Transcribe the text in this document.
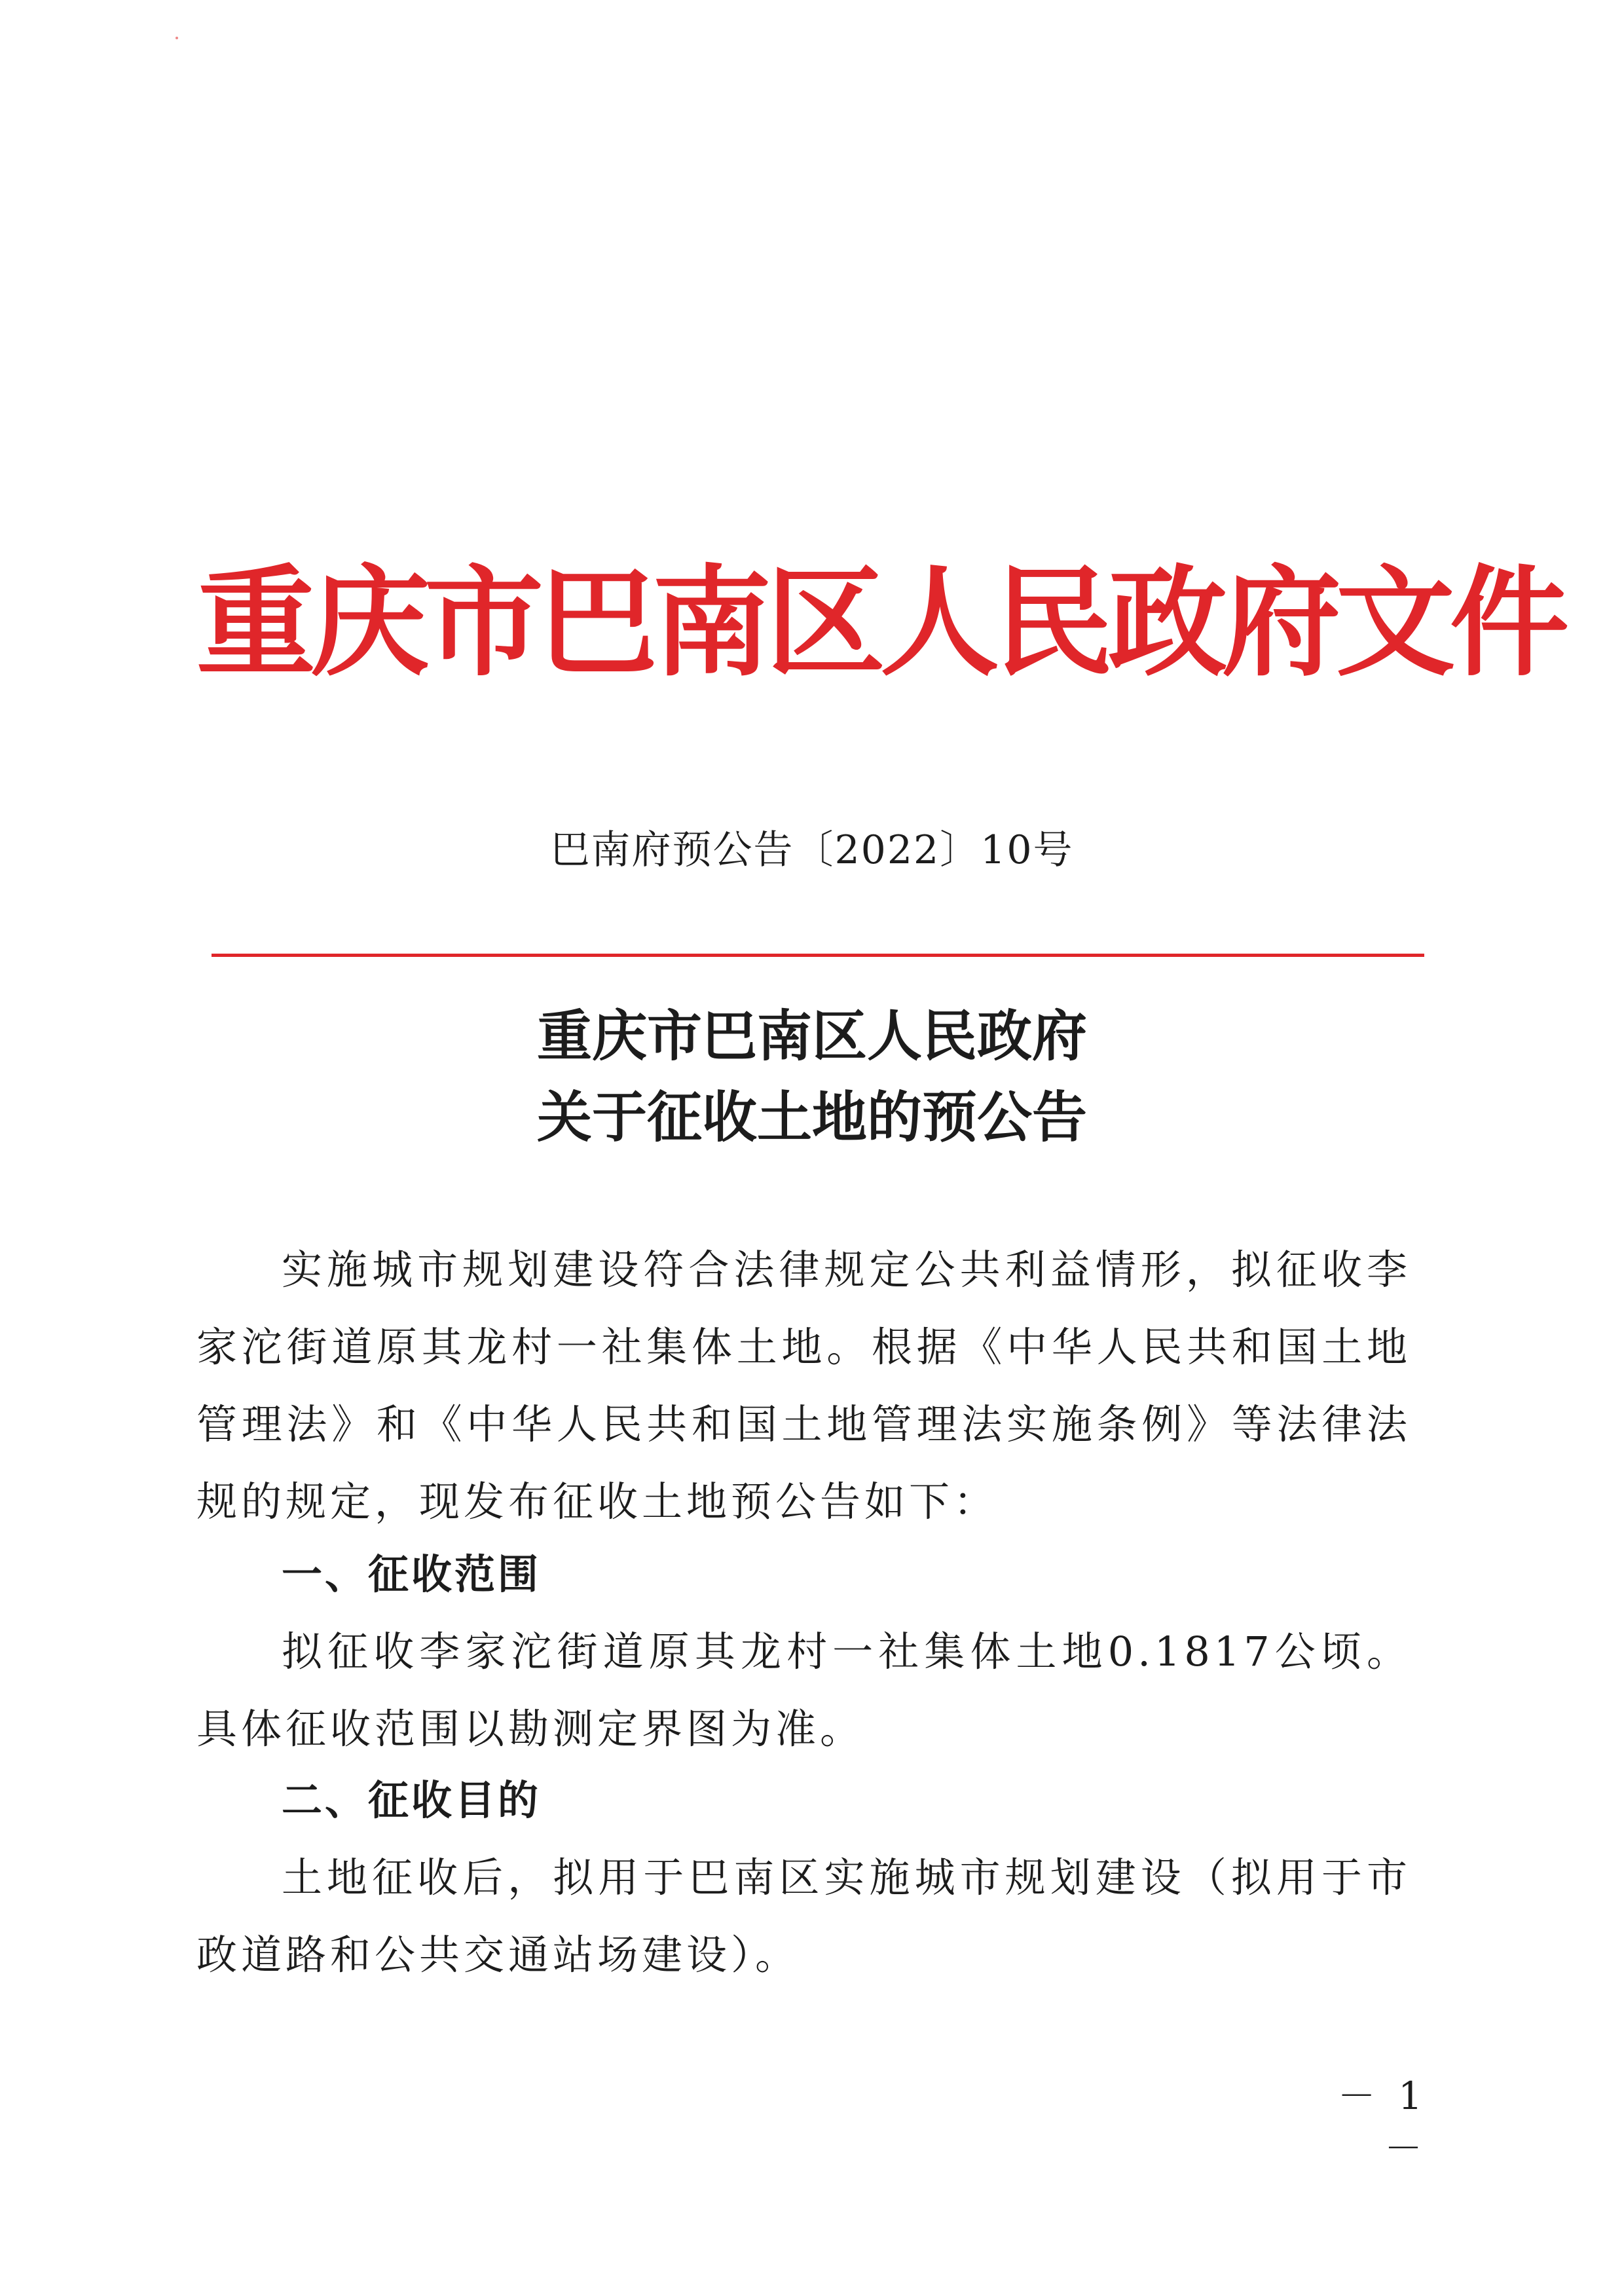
重庆市巴南区人民政府文件
巴南府预公告〔2022〕10号
重庆市巴南区人民政府
关于征收土地的预公告
实施城市规划建设符合法律规定公共利益情形，拟征收李家沱街道原其龙村一社集体土地。根据《中华人民共和国土地管理法》和《中华人民共和国土地管理法实施条例》等法律法规的规定，现发布征收土地预公告如下：
一、征收范围
拟征收李家沱街道原其龙村一社集体土地0.1817公顷。具体征收范围以勘测定界图为准。
二、征收目的
土地征收后，拟用于巴南区实施城市规划建设（拟用于市政道路和公共交通站场建设）。
－ 1 －
